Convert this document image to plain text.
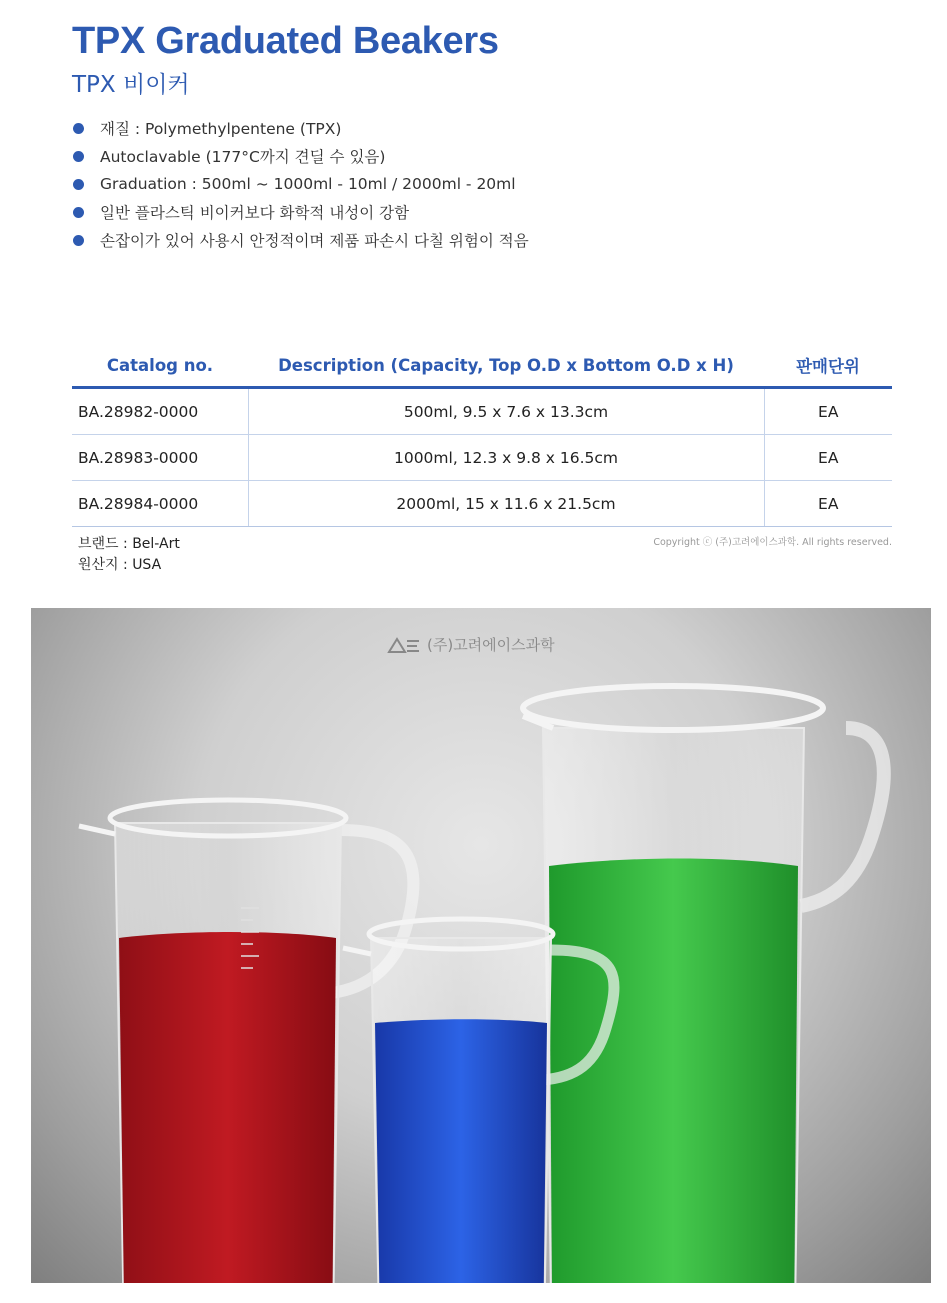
TPX Graduated Beakers
TPX 비이커
재질 : Polymethylpentene (TPX)
Autoclavable (177°C까지 견딜 수 있음)
Graduation : 500ml ~ 1000ml - 10ml / 2000ml - 20ml
일반 플라스틱 비이커보다 화학적 내성이 강함
손잡이가 있어 사용시 안정적이며 제품 파손시 다칠 위험이 적음
Catalog no.	Description (Capacity, Top O.D x Bottom O.D x H)	판매단위
BA.28982-0000	500ml, 9.5 x 7.6 x 13.3cm	EA
BA.28983-0000	1000ml, 12.3 x 9.8 x 16.5cm	EA
BA.28984-0000	2000ml, 15 x 11.6 x 21.5cm	EA
브랜드 : Bel-Art
원산지 : USA
Copyright ⓒ (주)고려에이스과학. All rights reserved.
(주)고려에이스과학
